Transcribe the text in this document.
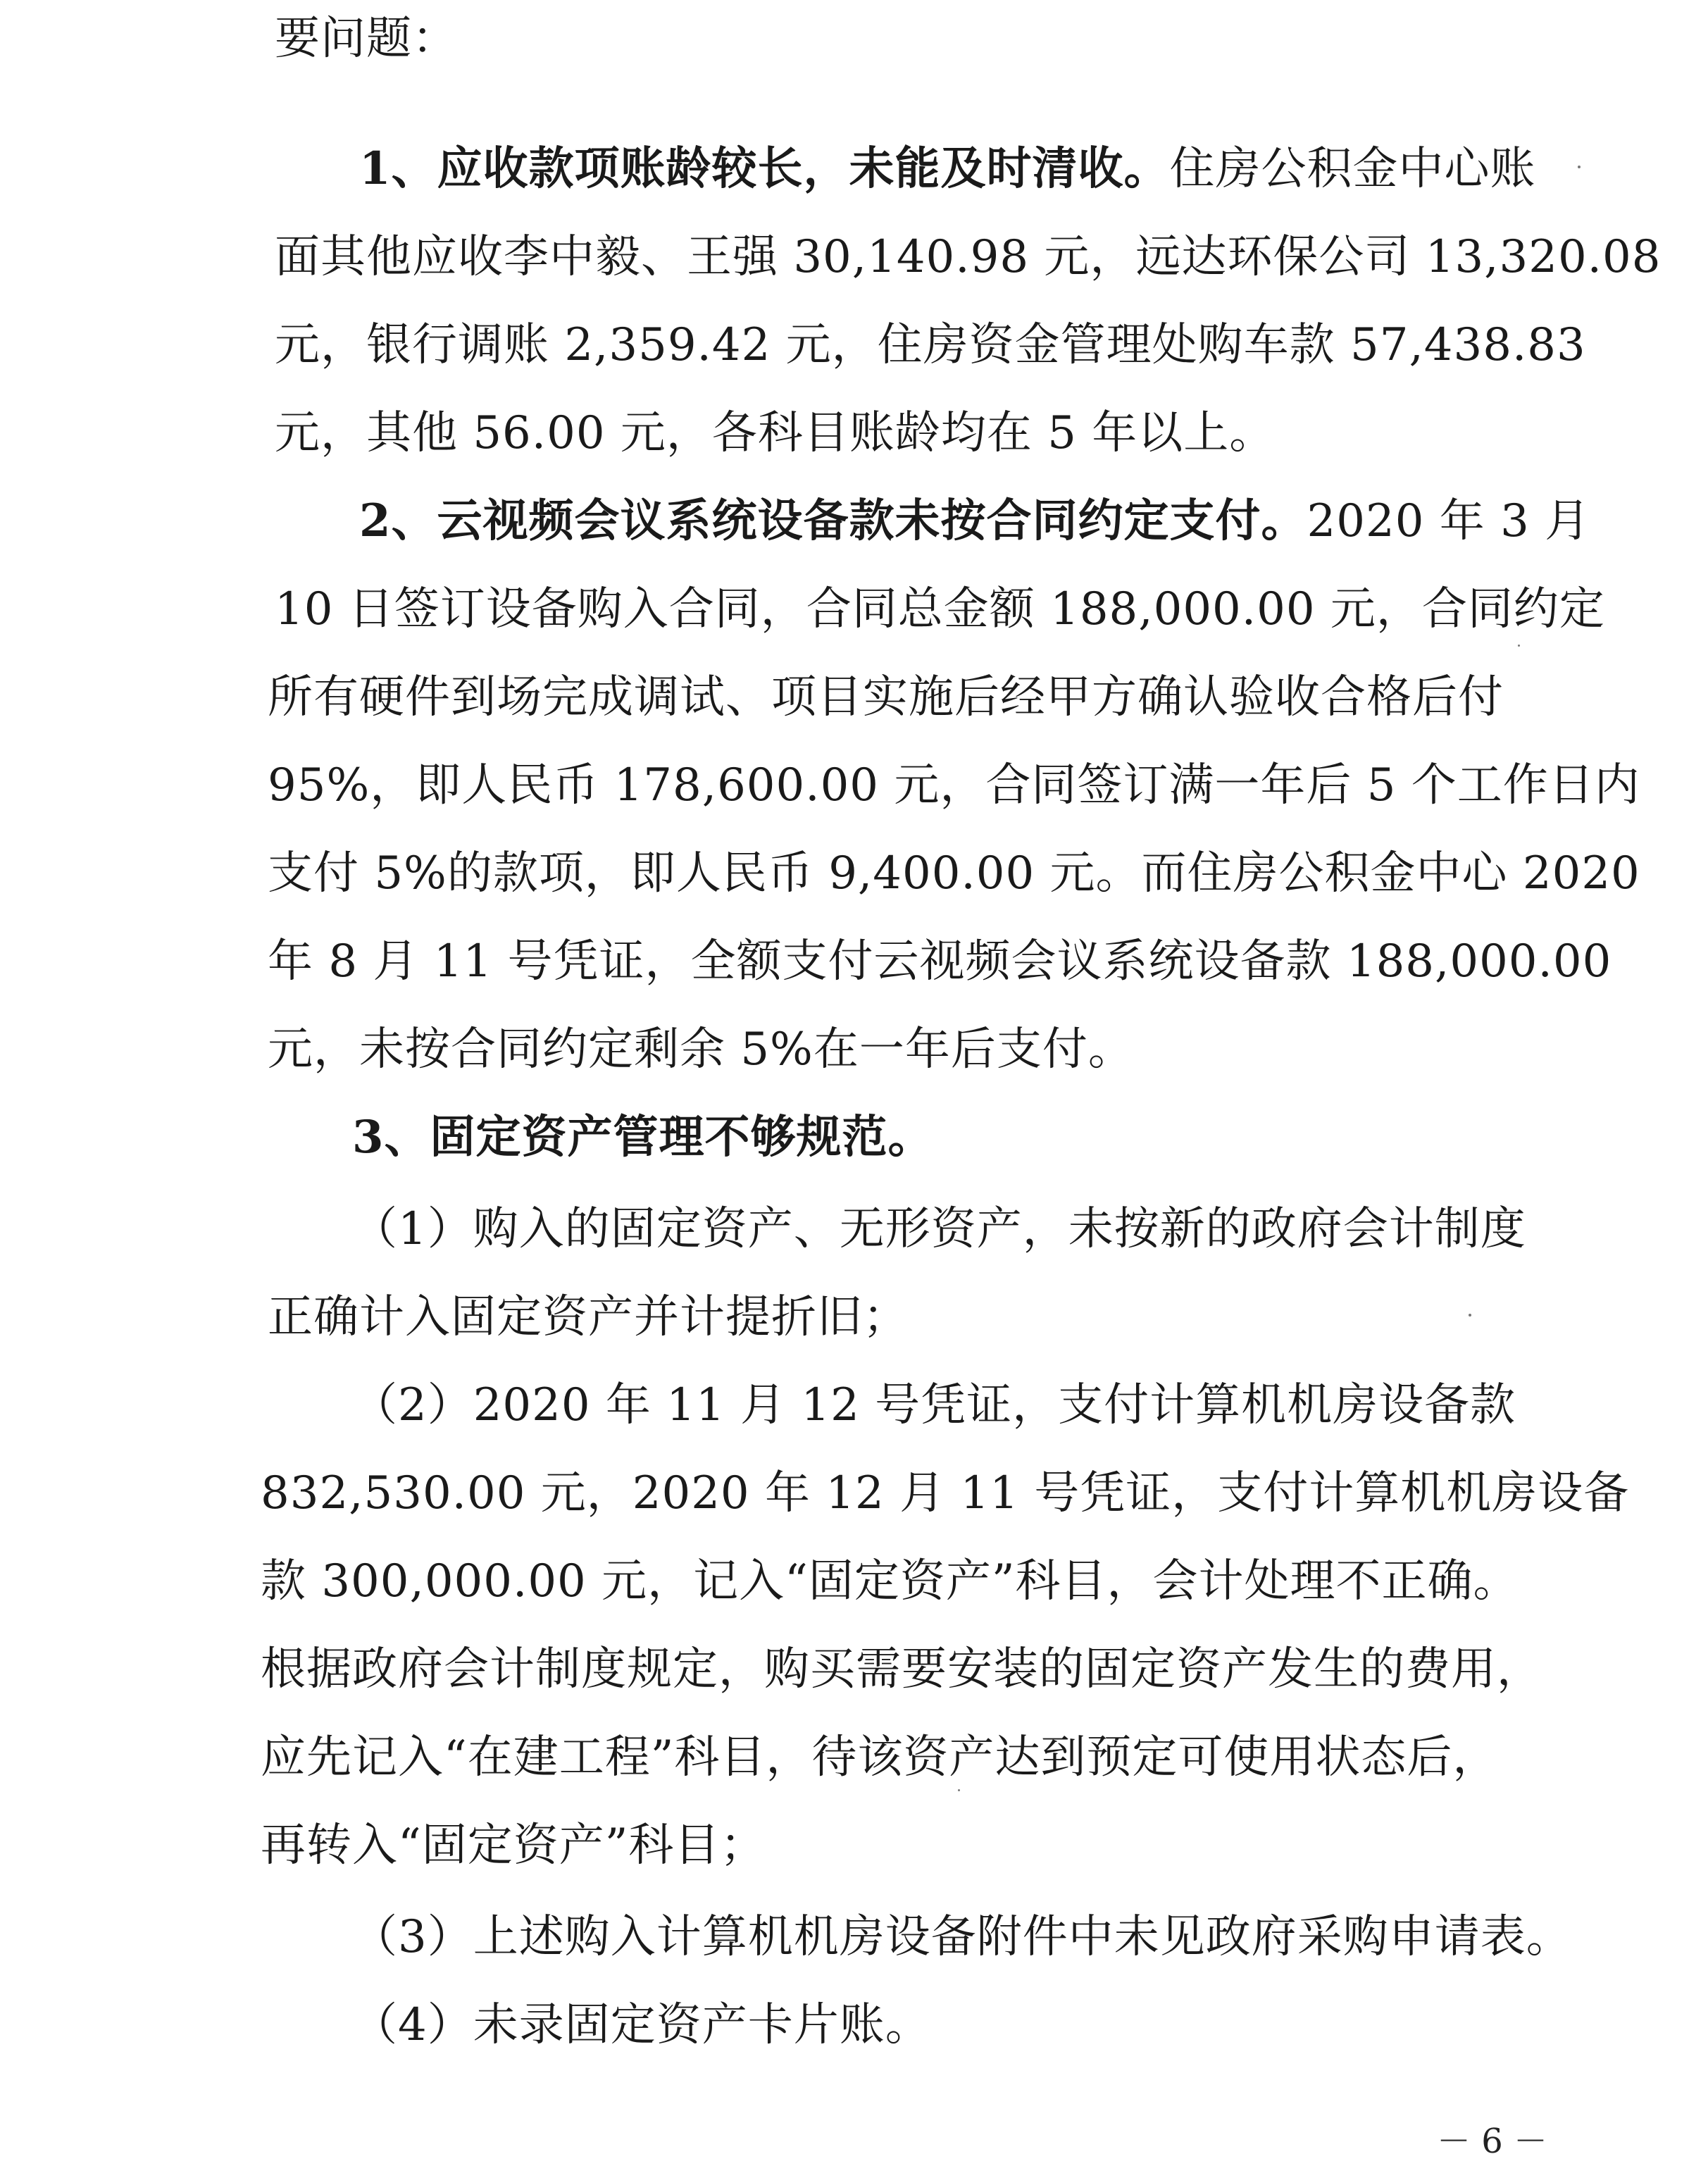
要问题：
1、应收款项账龄较长，未能及时清收。住房公积金中心账
面其他应收李中毅、王强 30,140.98 元，远达环保公司 13,320.08
元，银行调账 2,359.42 元，住房资金管理处购车款 57,438.83
元，其他 56.00 元，各科目账龄均在 5 年以上。
2、云视频会议系统设备款未按合同约定支付。2020 年 3 月
10 日签订设备购入合同，合同总金额 188,000.00 元，合同约定
所有硬件到场完成调试、项目实施后经甲方确认验收合格后付
95%，即人民币 178,600.00 元，合同签订满一年后 5 个工作日内
支付 5%的款项，即人民币 9,400.00 元。而住房公积金中心 2020
年 8 月 11 号凭证，全额支付云视频会议系统设备款 188,000.00
元，未按合同约定剩余 5%在一年后支付。
3、固定资产管理不够规范。
（1）购入的固定资产、无形资产，未按新的政府会计制度
正确计入固定资产并计提折旧；
（2）2020 年 11 月 12 号凭证，支付计算机机房设备款
832,530.00 元，2020 年 12 月 11 号凭证，支付计算机机房设备
款 300,000.00 元，记入“固定资产”科目，会计处理不正确。
根据政府会计制度规定，购买需要安装的固定资产发生的费用，
应先记入“在建工程”科目，待该资产达到预定可使用状态后，
再转入“固定资产”科目；
（3）上述购入计算机机房设备附件中未见政府采购申请表。
（4）未录固定资产卡片账。
－ 6 －
